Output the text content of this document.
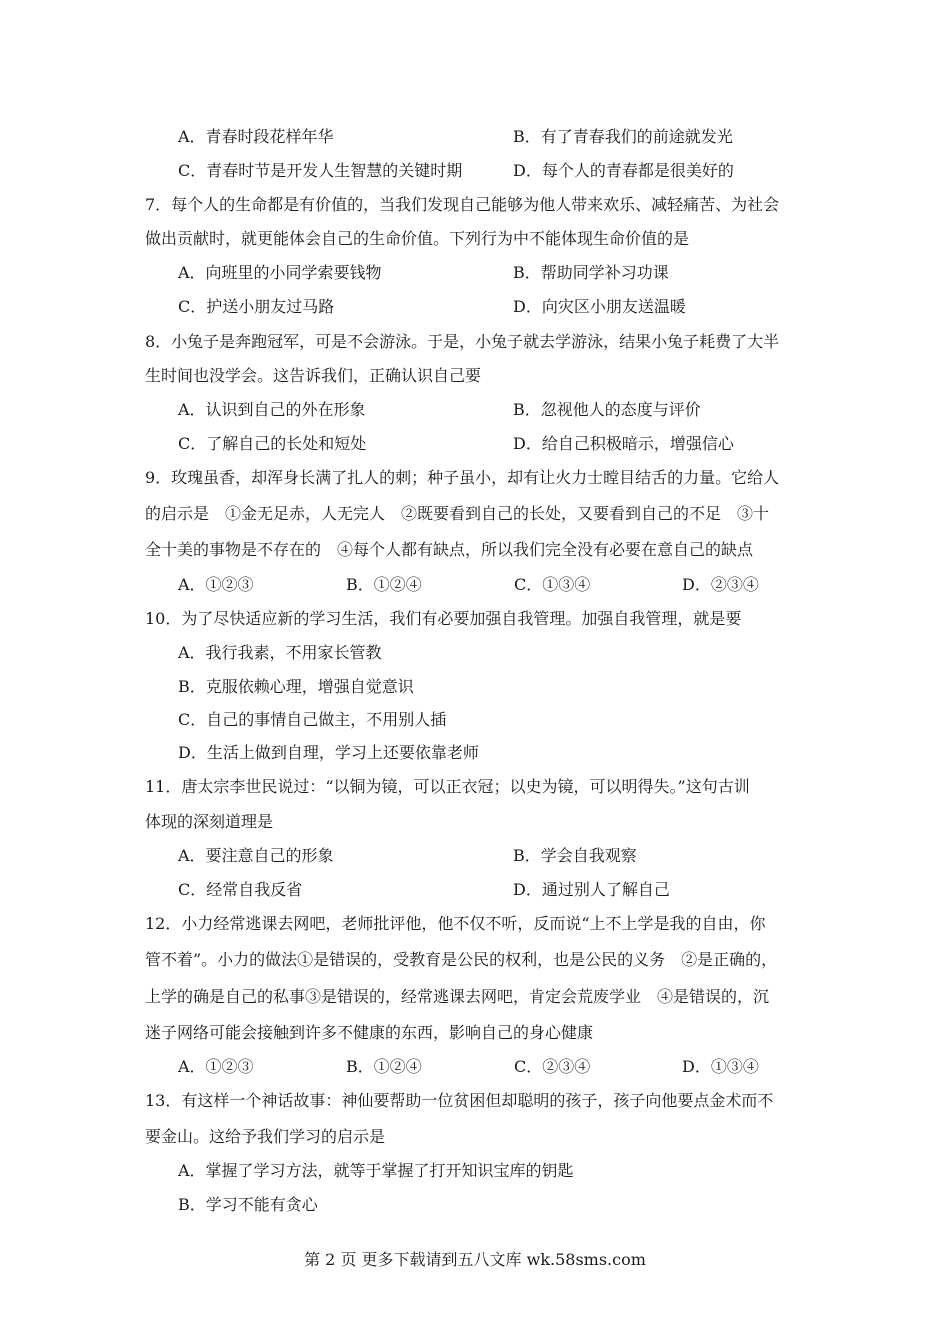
A．青春时段花样年华	B．有了青春我们的前途就发光
C．青春时节是开发人生智慧的关键时期	D．每个人的青春都是很美好的
7．每个人的生命都是有价值的，当我们发现自己能够为他人带来欢乐、减轻痛苦、为社会
做出贡献时，就更能体会自己的生命价值。下列行为中不能体现生命价值的是
A．向班里的小同学索要钱物	B．帮助同学补习功课
C．护送小朋友过马路	D．向灾区小朋友送温暖
8．小兔子是奔跑冠军，可是不会游泳。于是，小兔子就去学游泳，结果小兔子耗费了大半
生时间也没学会。这告诉我们，正确认识自己要
A．认识到自己的外在形象	B．忽视他人的态度与评价
C．了解自己的长处和短处	D．给自己积极暗示，增强信心
9．玫瑰虽香，却浑身长满了扎人的刺；种子虽小，却有让火力士瞠目结舌的力量。它给人
的启示是　①金无足赤，人无完人　②既要看到自己的长处，又要看到自己的不足　③十
全十美的事物是不存在的　④每个人都有缺点，所以我们完全没有必要在意自己的缺点
A．①②③	B．①②④	C．①③④	D．②③④
10．为了尽快适应新的学习生活，我们有必要加强自我管理。加强自我管理，就是要
A．我行我素，不用家长管教
B．克服依赖心理，增强自觉意识
C．自己的事情自己做主，不用别人插
D．生活上做到自理，学习上还要依靠老师
11．唐太宗李世民说过：“以铜为镜，可以正衣冠；以史为镜，可以明得失。”这句古训
体现的深刻道理是
A．要注意自己的形象	B．学会自我观察
C．经常自我反省	D．通过别人了解自己
12．小力经常逃课去网吧，老师批评他，他不仅不听，反而说“上不上学是我的自由，你
管不着”。小力的做法①是错误的，受教育是公民的权利，也是公民的义务　②是正确的，
上学的确是自己的私事③是错误的，经常逃课去网吧，肯定会荒废学业　④是错误的，沉
迷子网络可能会接触到许多不健康的东西，影响自己的身心健康
A．①②③	B．①②④	C．②③④	D．①③④
13．有这样一个神话故事：神仙要帮助一位贫困但却聪明的孩子，孩子向他要点金术而不
要金山。这给予我们学习的启示是
A．掌握了学习方法，就等于掌握了打开知识宝库的钥匙
B．学习不能有贪心
第 2 页 更多下载请到五八文库 wk.58sms.com
